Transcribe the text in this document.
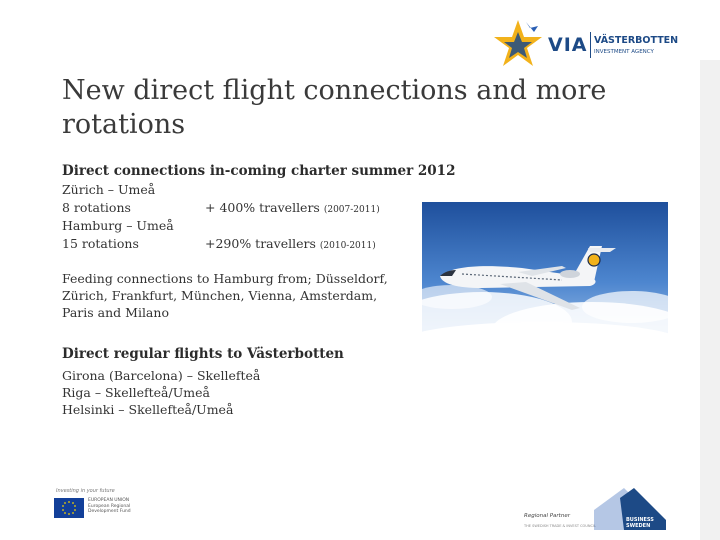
VIA VÄSTERBOTTEN
INVESTMENT AGENCY
New direct flight connections and more rotations
Direct connections in-coming charter summer 2012
Zürich – Umeå
8 rotations	+ 400% travellers (2007-2011)
Hamburg – Umeå
15 rotations	+290% travellers (2010-2011)
Feeding connections to Hamburg from; Düsseldorf,
Zürich, Frankfurt, München, Vienna, Amsterdam,
Paris and Milano
Direct regular flights to Västerbotten
Girona (Barcelona) – Skellefteå
Riga – Skellefteå/Umeå
Helsinki – Skellefteå/Umeå
Investing in your future
EUROPEAN UNION
European Regional
Development Fund
Regional Partner
THE SWEDISH TRADE & INVEST COUNCIL
BUSINESS
SWEDEN
